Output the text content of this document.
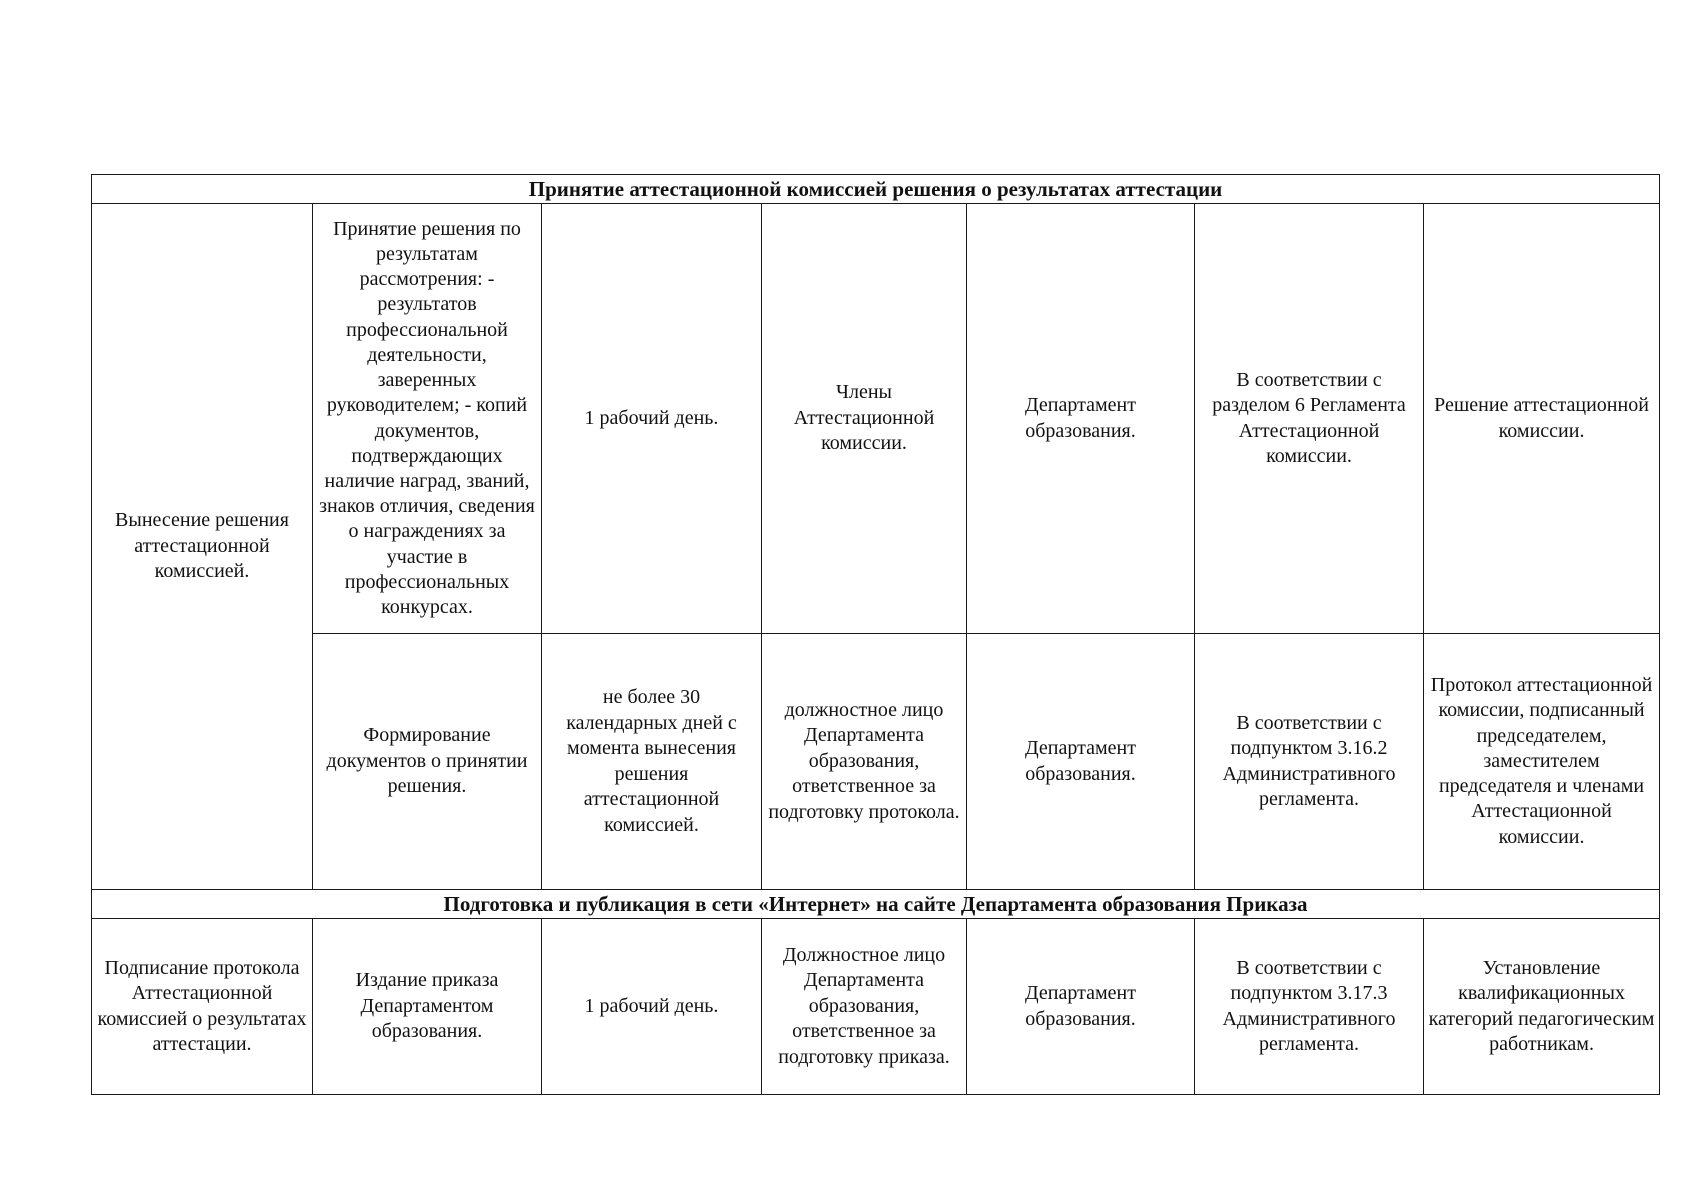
Принятие аттестационной комиссией решения о результатах аттестации						
Вынесение решения аттестационной комиссией.	Принятие решения по результатам рассмотрения: - результатов профессиональной деятельности, заверенных руководителем; - копий документов, подтверждающих наличие наград, званий, знаков отличия, сведения о награждениях за участие в профессиональных конкурсах.	1 рабочий день.	Члены Аттестационной комиссии.	Департамент образования.	В соответствии с разделом 6 Регламента Аттестационной комиссии.	Решение аттестационной комиссии.
	Формирование документов о принятии решения.	не более 30 календарных дней с момента вынесения решения аттестационной комиссией.	должностное лицо Департамента образования, ответственное за подготовку протокола.	Департамент образования.	В соответствии с подпунктом 3.16.2 Административного регламента.	Протокол аттестационной комиссии, подписанный председателем, заместителем председателя и членами Аттестационной комиссии.
Подготовка и публикация в сети «Интернет» на сайте Департамента образования Приказа						
Подписание протокола Аттестационной комиссией о результатах аттестации.	Издание приказа Департаментом образования.	1 рабочий день.	Должностное лицо Департамента образования, ответственное за подготовку приказа.	Департамент образования.	В соответствии с подпунктом 3.17.3 Административного регламента.	Установление квалификационных категорий педагогическим работникам.
